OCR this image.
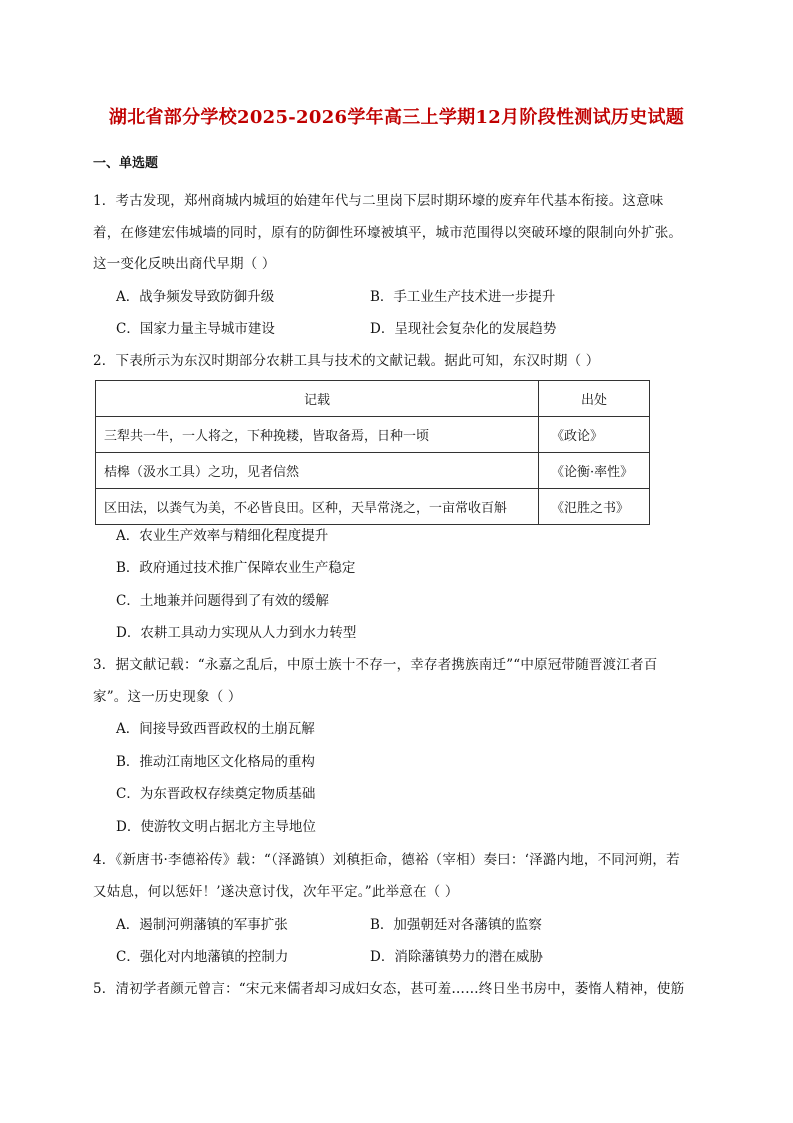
湖北省部分学校2025-2026学年高三上学期12月阶段性测试历史试题
一、单选题
1．考古发现，郑州商城内城垣的始建年代与二里岗下层时期环壕的废弃年代基本衔接。这意味
着，在修建宏伟城墙的同时，原有的防御性环壕被填平，城市范围得以突破环壕的限制向外扩张。
这一变化反映出商代早期（ ）
A．战争频发导致防御升级	B．手工业生产技术进一步提升
C．国家力量主导城市建设	D．呈现社会复杂化的发展趋势
2．下表所示为东汉时期部分农耕工具与技术的文献记载。据此可知，东汉时期（ ）
记载	出处
三犁共一牛，一人将之，下种挽耧，皆取备焉，日种一顷	《政论》
桔槔（汲水工具）之功，见者信然	《论衡·率性》
区田法，以粪气为美，不必皆良田。区种，天旱常浇之，一亩常收百斛	《氾胜之书》
A．农业生产效率与精细化程度提升
B．政府通过技术推广保障农业生产稳定
C．土地兼并问题得到了有效的缓解
D．农耕工具动力实现从人力到水力转型
3．据文献记载：“永嘉之乱后，中原士族十不存一，幸存者携族南迁”“中原冠带随晋渡江者百
家”。这一历史现象（ ）
A．间接导致西晋政权的土崩瓦解
B．推动江南地区文化格局的重构
C．为东晋政权存续奠定物质基础
D．使游牧文明占据北方主导地位
4．《新唐书·李德裕传》载：“（泽潞镇）刘稹拒命，德裕（宰相）奏曰：‘泽潞内地，不同河朔，若
又姑息，何以惩奸！’遂决意讨伐，次年平定。”此举意在（ ）
A．遏制河朔藩镇的军事扩张	B．加强朝廷对各藩镇的监察
C．强化对内地藩镇的控制力	D．消除藩镇势力的潜在威胁
5．清初学者颜元曾言：“宋元来儒者却习成妇女态，甚可羞……终日坐书房中，萎惰人精神，使筋
